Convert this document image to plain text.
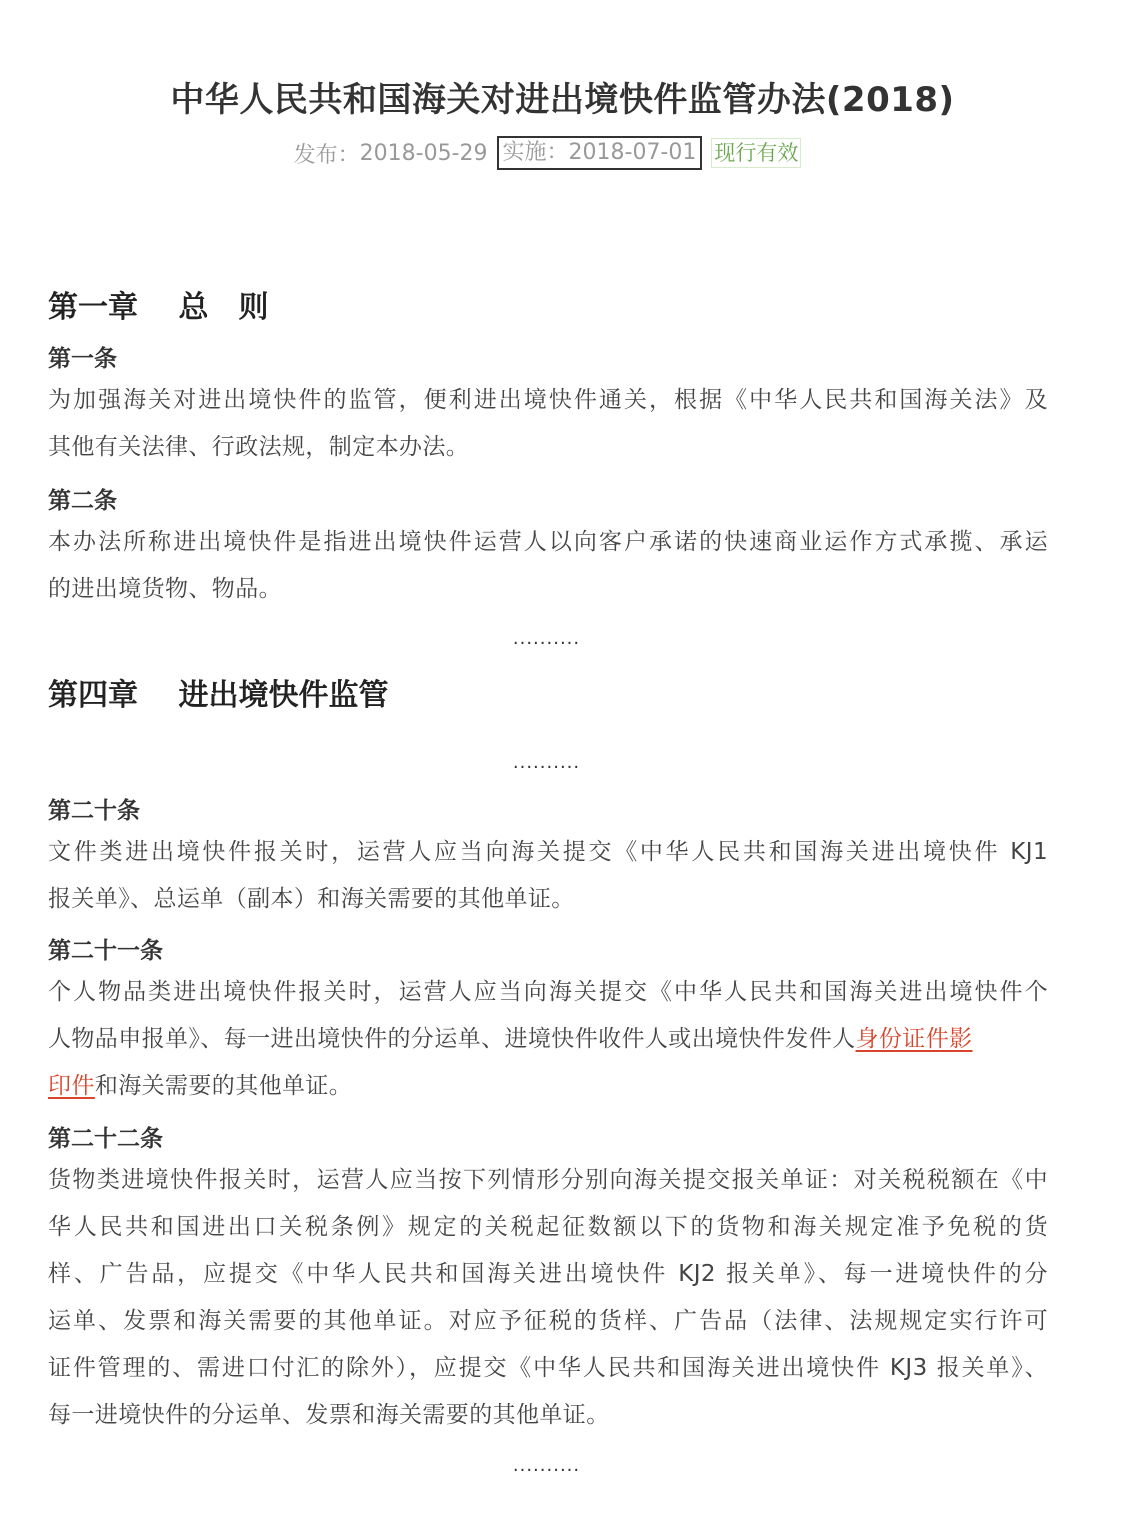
中华人民共和国海关对进出境快件监管办法(2018)
发布：2018-05-29 实施：2018-07-01 现行有效
第一章　 总　则
第一条
为加强海关对进出境快件的监管，便利进出境快件通关，根据《中华人民共和国海关法》及
其他有关法律、行政法规，制定本办法。
第二条
本办法所称进出境快件是指进出境快件运营人以向客户承诺的快速商业运作方式承揽、承运
的进出境货物、物品。
..........
第四章　 进出境快件监管
..........
第二十条
文件类进出境快件报关时，运营人应当向海关提交《中华人民共和国海关进出境快件 KJ1
报关单》、总运单（副本）和海关需要的其他单证。
第二十一条
个人物品类进出境快件报关时，运营人应当向海关提交《中华人民共和国海关进出境快件个
人物品申报单》、每一进出境快件的分运单、进境快件收件人或出境快件发件人身份证件影
印件和海关需要的其他单证。
第二十二条
货物类进境快件报关时，运营人应当按下列情形分别向海关提交报关单证：对关税税额在《中
华人民共和国进出口关税条例》规定的关税起征数额以下的货物和海关规定准予免税的货
样、广告品，应提交《中华人民共和国海关进出境快件 KJ2 报关单》、每一进境快件的分
运单、发票和海关需要的其他单证。对应予征税的货样、广告品（法律、法规规定实行许可
证件管理的、需进口付汇的除外），应提交《中华人民共和国海关进出境快件 KJ3 报关单》、
每一进境快件的分运单、发票和海关需要的其他单证。
..........
